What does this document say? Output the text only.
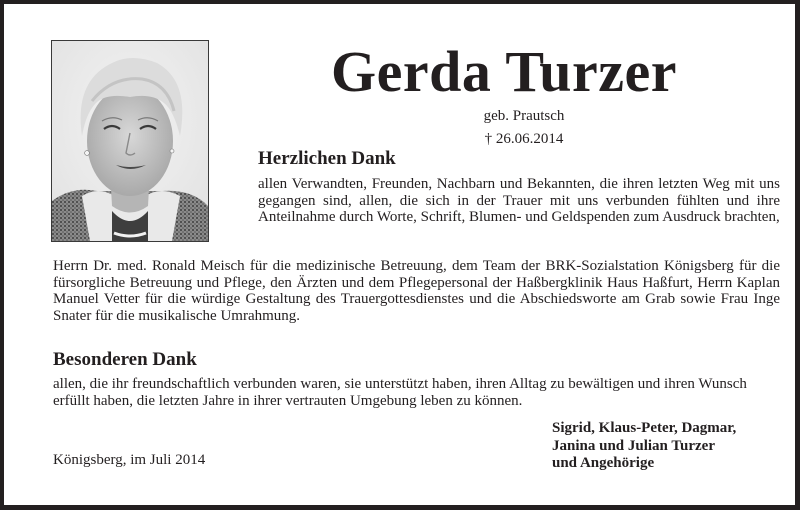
Gerda Turzer
geb. Prautsch
† 26.06.2014
Herzlichen Dank
allen Verwandten, Freunden, Nachbarn und Bekannten, die ihren letzten Weg mit uns gegangen sind, allen, die sich in der Trauer mit uns verbunden fühlten und ihre Anteilnahme durch Worte, Schrift, Blumen- und Geldspenden zum Ausdruck brachten,
Herrn Dr. med. Ronald Meisch für die medizinische Betreuung, dem Team der BRK-Sozialstation Königsberg für die fürsorgliche Betreuung und Pflege, den Ärzten und dem Pflegepersonal der Haßbergklinik Haus Haßfurt, Herrn Kaplan Manuel Vetter für die würdige Gestaltung des Trauergottesdienstes und die Abschiedsworte am Grab sowie Frau Inge Snater für die musikalische Umrahmung.
Besonderen Dank
allen, die ihr freundschaftlich verbunden waren, sie unterstützt haben, ihren Alltag zu bewältigen und ihren Wunsch erfüllt haben, die letzten Jahre in ihrer vertrauten Umgebung leben zu können.
Königsberg, im Juli 2014
Sigrid, Klaus-Peter, Dagmar,
Janina und Julian Turzer
und Angehörige
